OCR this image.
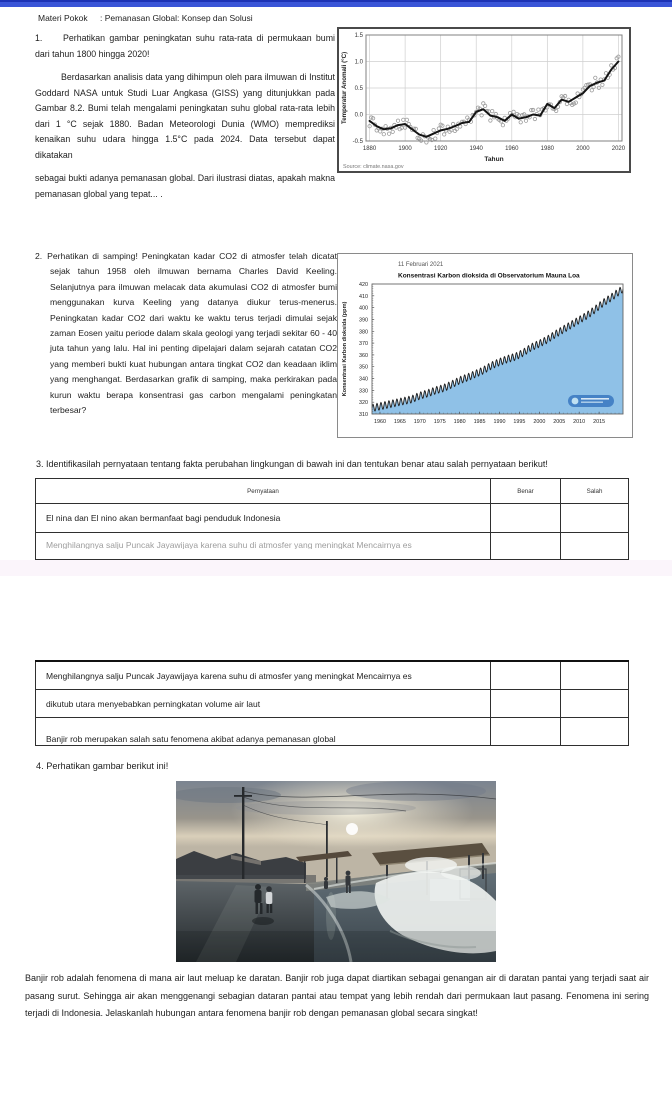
Materi Pokok : Pemanasan Global: Konsep dan Solusi

1. Perhatikan gambar peningkatan suhu rata-rata di permukaan bumi dari tahun 1800 hingga 2020!

Berdasarkan analisis data yang dihimpun oleh para ilmuwan di Institut Goddard NASA untuk Studi Luar Angkasa (GISS) yang ditunjukkan pada Gambar 8.2. Bumi telah mengalami peningkatan suhu global rata-rata lebih dari 1 °C sejak 1880. Badan Meteorologi Dunia (WMO) memprediksi kenaikan suhu udara hingga 1.5°C pada 2024. Data tersebut dapat dikatakan

sebagai bukti adanya pemanasan global. Dari ilustrasi diatas, apakah makna pemanasan global yang tepat... .

1880	1900	1920	1940	1960	1980	2000	2020
-0.5
0.0
0.5
1.0
1.5
Tahun
Temperatur Anomali (°C)
Source: climate.nasa.gov

2. Perhatikan di samping! Peningkatan kadar CO2 di atmosfer telah dicatat sejak tahun 1958 oleh ilmuwan bernama Charles David Keeling. Selanjutnya para ilmuwan melacak data akumulasi CO2 di atmosfer bumi menggunakan kurva Keeling yang datanya diukur terus-menerus. Peningkatan kadar CO2 dari waktu ke waktu terus terjadi dimulai sejak zaman Eosen yaitu periode dalam skala geologi yang terjadi sekitar 60 - 40 juta tahun yang lalu. Hal ini penting dipelajari dalam sejarah catatan CO2 yang memberi bukti kuat hubungan antara tingkat CO2 dan keadaan iklim yang menghangat. Berdasarkan grafik di samping, maka perkirakan pada kurun waktu berapa konsentrasi gas carbon mengalami peningkatan terbesar?

11 Februari 2021
Konsentrasi Karbon dioksida di Observatorium Mauna Loa
310
320
330
340
350
360
370
380
390
400
410
420
1960 1965 1970 1975 1980 1985 1990 1995 2000 2005 2010 2015
Konsentrasi Karbon dioksida (ppm)
3. Identifikasilah pernyataan tentang fakta perubahan lingkungan di bawah ini dan tentukan benar atau salah pernyataan berikut!
Pernyataan	Benar	Salah
El nina dan El nino akan bermanfaat bagi penduduk Indonesia		

Menghilangnya salju Puncak Jayawijaya karena suhu di atmosfer yang meningkat Mencairnya es		

Menghilangnya salju Puncak Jayawijaya karena suhu di atmosfer yang meningkat Mencairnya es		
dikutub utara menyebabkan perningkatan volume air laut		
Banjir rob merupakan salah satu fenomena akibat adanya pemanasan global		
4. Perhatikan gambar berikut ini!
Banjir rob adalah fenomena di mana air laut meluap ke daratan. Banjir rob juga dapat diartikan sebagai genangan air di daratan pantai yang terjadi saat air pasang surut. Sehingga air akan menggenangi sebagian dataran pantai atau tempat yang lebih rendah dari permukaan laut pasang. Fenomena ini sering terjadi di Indonesia. Jelaskanlah hubungan antara fenomena banjir rob dengan pemanasan global secara singkat!
